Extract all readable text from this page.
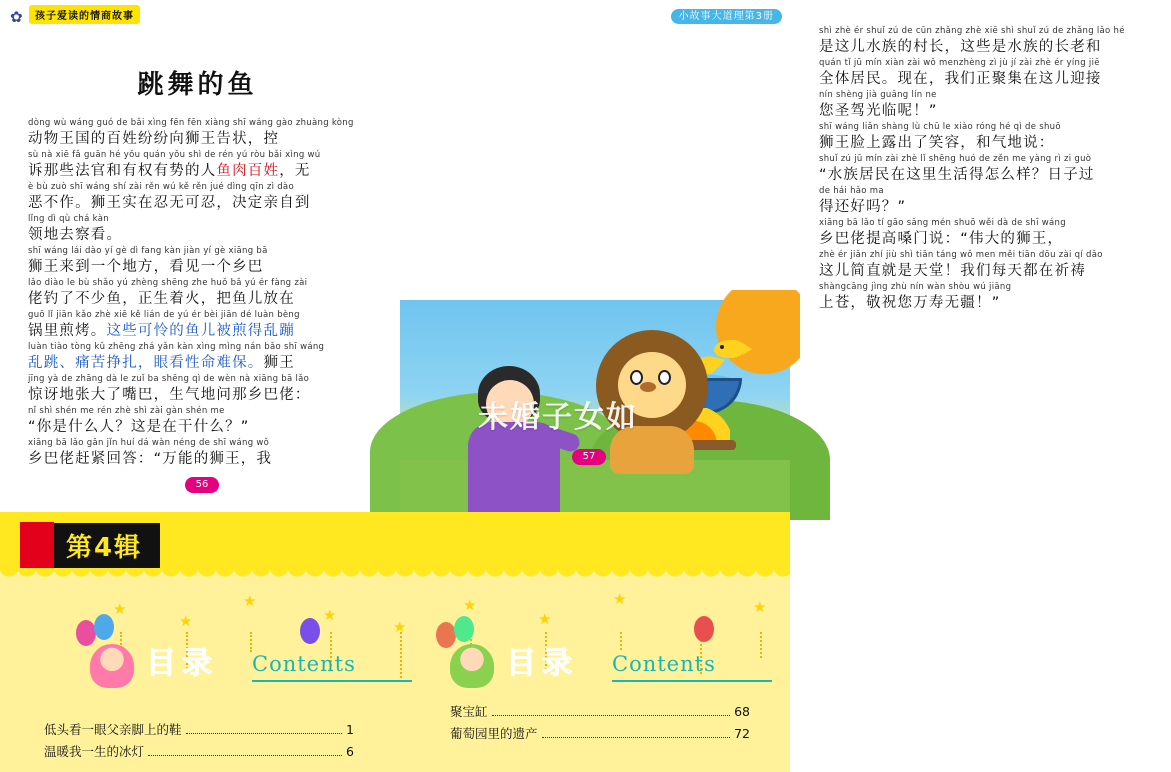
✿
孩子爱读的情商故事
跳舞的鱼
dòng wù wáng guó de bǎi xìng fēn fēn xiàng shī wáng gào zhuàng kòng
动物王国的百姓纷纷向狮王告状，控
sù nà xiē fǎ guān hé yǒu quán yǒu shì de rén yú ròu bǎi xìng wú
诉那些法官和有权有势的人鱼肉百姓，无
è bù zuò shī wáng shí zài rěn wú kě rěn jué dìng qīn zì dào
恶不作。狮王实在忍无可忍，决定亲自到
lǐng dì qù chá kàn
领地去察看。
shī wáng lái dào yí gè dì fang kàn jiàn yí gè xiāng bā
狮王来到一个地方，看见一个乡巴
lǎo diào le bù shǎo yú zhèng shēng zhe huǒ bǎ yú ér fàng zài
佬钓了不少鱼，正生着火，把鱼儿放在
guō lǐ jiān kǎo zhè xiē kě lián de yú ér bèi jiān dé luàn bèng
锅里煎烤。这些可怜的鱼儿被煎得乱蹦
luàn tiào tòng kǔ zhēng zhá yǎn kàn xìng mìng nán bǎo shī wáng
乱跳、痛苦挣扎，眼看性命难保。狮王
jīng yà de zhāng dà le zuǐ ba shēng qì de wèn nà xiāng bā lǎo
惊讶地张大了嘴巴，生气地问那乡巴佬：
nǐ shì shén me rén zhè shì zài gàn shén me
“你是什么人？这是在干什么？”
xiāng bā lǎo gǎn jǐn huí dá wàn néng de shī wáng wǒ
乡巴佬赶紧回答：“万能的狮王，我
56
小故事大道理第3册
shì zhè ér shuǐ zú de cūn zhǎng zhè xiē shì shuǐ zú de zhǎng lǎo hé
是这儿水族的村长，这些是水族的长老和
quán tǐ jū mín xiàn zài wǒ menzhèng zì jù jí zài zhè ér yíng jiē
全体居民。现在，我们正聚集在这儿迎接
nín shèng jià guāng lín ne
您圣驾光临呢！”
shī wáng liǎn shàng lù chū le xiào róng hé qì de shuō
狮王脸上露出了笑容，和气地说：
shuǐ zú jū mín zài zhè lǐ shēng huó de zěn me yàng rì zi guò
“水族居民在这里生活得怎么样？日子过
de hái hǎo ma
得还好吗？”
xiāng bā lǎo tí gāo sǎng mén shuō wěi dà de shī wáng
乡巴佬提高嗓门说：“伟大的狮王，
zhè ér jiǎn zhí jiù shì tiān táng wǒ men měi tiān dōu zài qí dǎo
这儿简直就是天堂！我们每天都在祈祷
shàngcāng jìng zhù nín wàn shòu wú jiāng
上苍，敬祝您万寿无疆！”
未婚子女如
57
第4辑
★
★
★
★
★
★
★
★	★
目录 Contents	目录 Contents
低头看一眼父亲脚上的鞋	1
温暖我一生的冰灯	6
聚宝缸	68
葡萄园里的遗产	72
